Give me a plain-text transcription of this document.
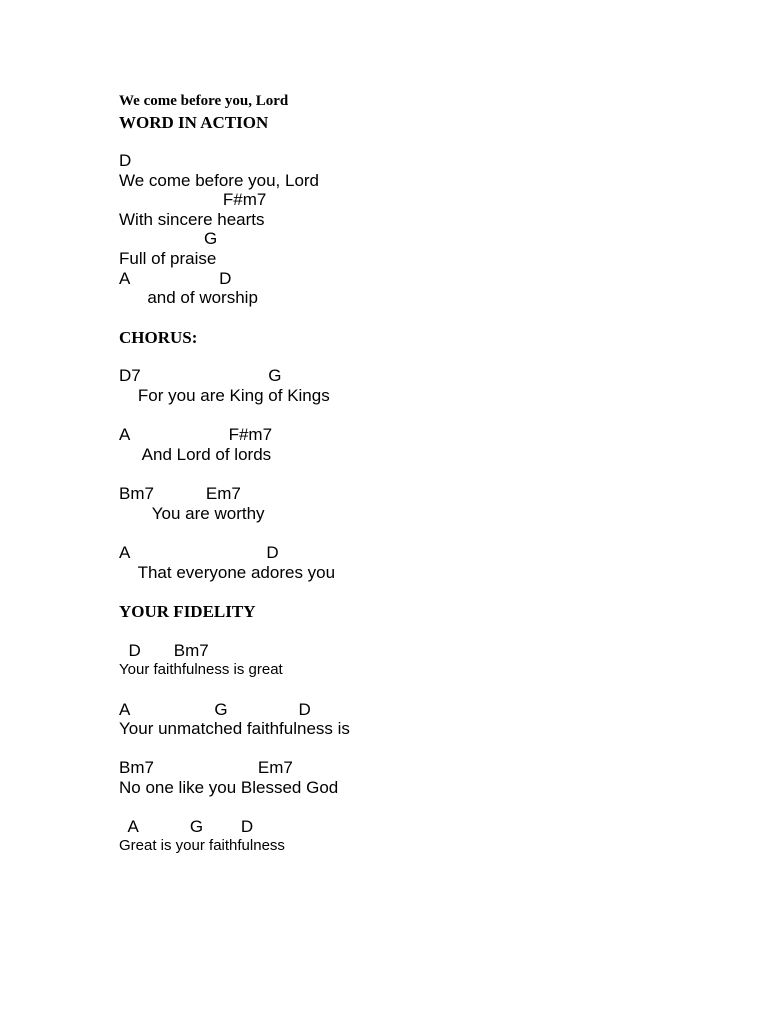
We come before you, Lord

WORD IN ACTION

D

We come before you, Lord

F#m7

With sincere hearts

G

Full of praise

A                   D

and of worship

CHORUS:

D7                           G

For you are King of Kings

A                     F#m7

And Lord of lords

Bm7           Em7

You are worthy

A                             D

That everyone adores you

YOUR FIDELITY

D       Bm7

Your faithfulness is great

A                  G               D

Your unmatched faithfulness is

Bm7                      Em7

No one like you Blessed God

A           G        D

Great is your faithfulness
